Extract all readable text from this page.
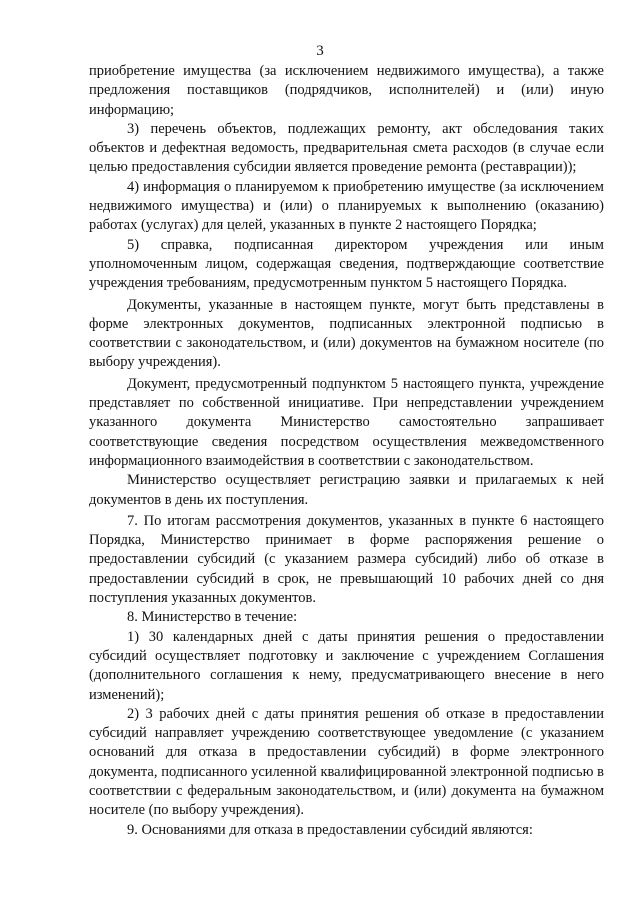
3

приобретение имущества (за исключением недвижимого имущества), а также предложения поставщиков (подрядчиков, исполнителей) и (или) иную информацию;

3) перечень объектов, подлежащих ремонту, акт обследования таких объектов и дефектная ведомость, предварительная смета расходов (в случае если целью предоставления субсидии является проведение ремонта (реставрации));

4) информация о планируемом к приобретению имуществе (за исключением недвижимого имущества) и (или) о планируемых к выполнению (оказанию) работах (услугах) для целей, указанных в пункте 2 настоящего Порядка;

5) справка, подписанная директором учреждения или иным уполномоченным лицом, содержащая сведения, подтверждающие соответствие учреждения требованиям, предусмотренным пунктом 5 настоящего Порядка.

Документы, указанные в настоящем пункте, могут быть представлены в форме электронных документов, подписанных электронной подписью в соответствии с законодательством, и (или) документов на бумажном носителе (по выбору учреждения).

Документ, предусмотренный подпунктом 5 настоящего пункта, учреждение представляет по собственной инициативе. При непредставлении учреждением указанного документа Министерство самостоятельно запрашивает соответствующие сведения посредством осуществления межведомственного информационного взаимодействия в соответствии с законодательством.

Министерство осуществляет регистрацию заявки и прилагаемых к ней документов в день их поступления.

7. По итогам рассмотрения документов, указанных в пункте 6 настоящего Порядка, Министерство принимает в форме распоряжения решение о предоставлении субсидий (с указанием размера субсидий) либо об отказе в предоставлении субсидий в срок, не превышающий 10 рабочих дней со дня поступления указанных документов.

8. Министерство в течение:

1) 30 календарных дней с даты принятия решения о предоставлении субсидий осуществляет подготовку и заключение с учреждением Соглашения (дополнительного соглашения к нему, предусматривающего внесение в него изменений);

2) 3 рабочих дней с даты принятия решения об отказе в предоставлении субсидий направляет учреждению соответствующее уведомление (с указанием оснований для отказа в предоставлении субсидий) в форме электронного документа, подписанного усиленной квалифицированной электронной подписью в соответствии с федеральным законодательством, и (или) документа на бумажном носителе (по выбору учреждения).

9. Основаниями для отказа в предоставлении субсидий являются:
